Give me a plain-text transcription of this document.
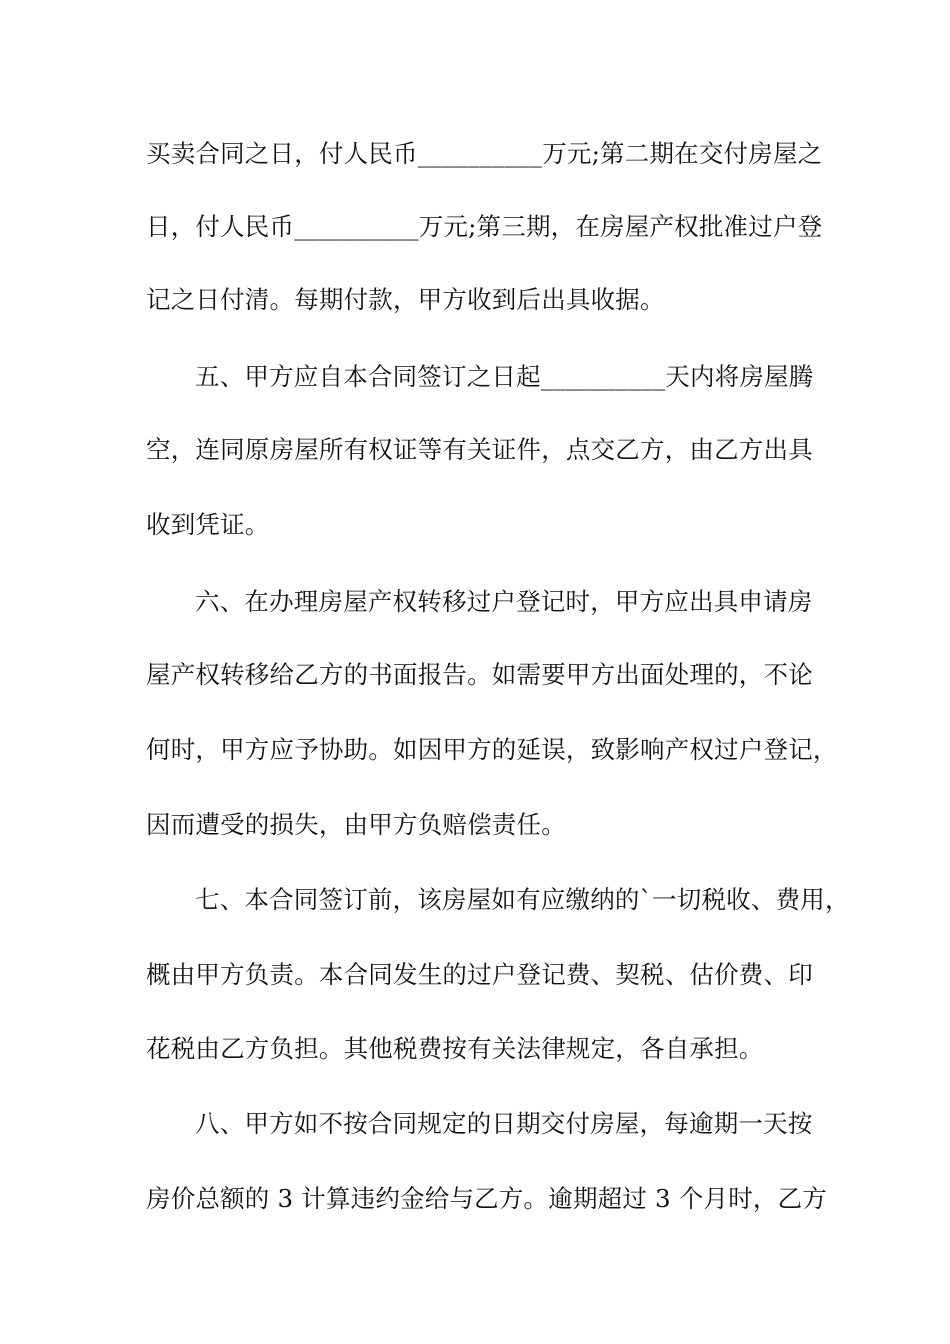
买卖合同之日，付人民币__________万元;第二期在交付房屋之
日，付人民币__________万元;第三期，在房屋产权批准过户登
记之日付清。每期付款，甲方收到后出具收据。
五、甲方应自本合同签订之日起__________天内将房屋腾
空，连同原房屋所有权证等有关证件，点交乙方，由乙方出具
收到凭证。
六、在办理房屋产权转移过户登记时，甲方应出具申请房
屋产权转移给乙方的书面报告。如需要甲方出面处理的，不论
何时，甲方应予协助。如因甲方的延误，致影响产权过户登记，
因而遭受的损失，由甲方负赔偿责任。
七、本合同签订前，该房屋如有应缴纳的`一切税收、费用，
概由甲方负责。本合同发生的过户登记费、契税、估价费、印
花税由乙方负担。其他税费按有关法律规定，各自承担。
八、甲方如不按合同规定的日期交付房屋，每逾期一天按
房价总额的 3 计算违约金给与乙方。逾期超过 3 个月时，乙方
